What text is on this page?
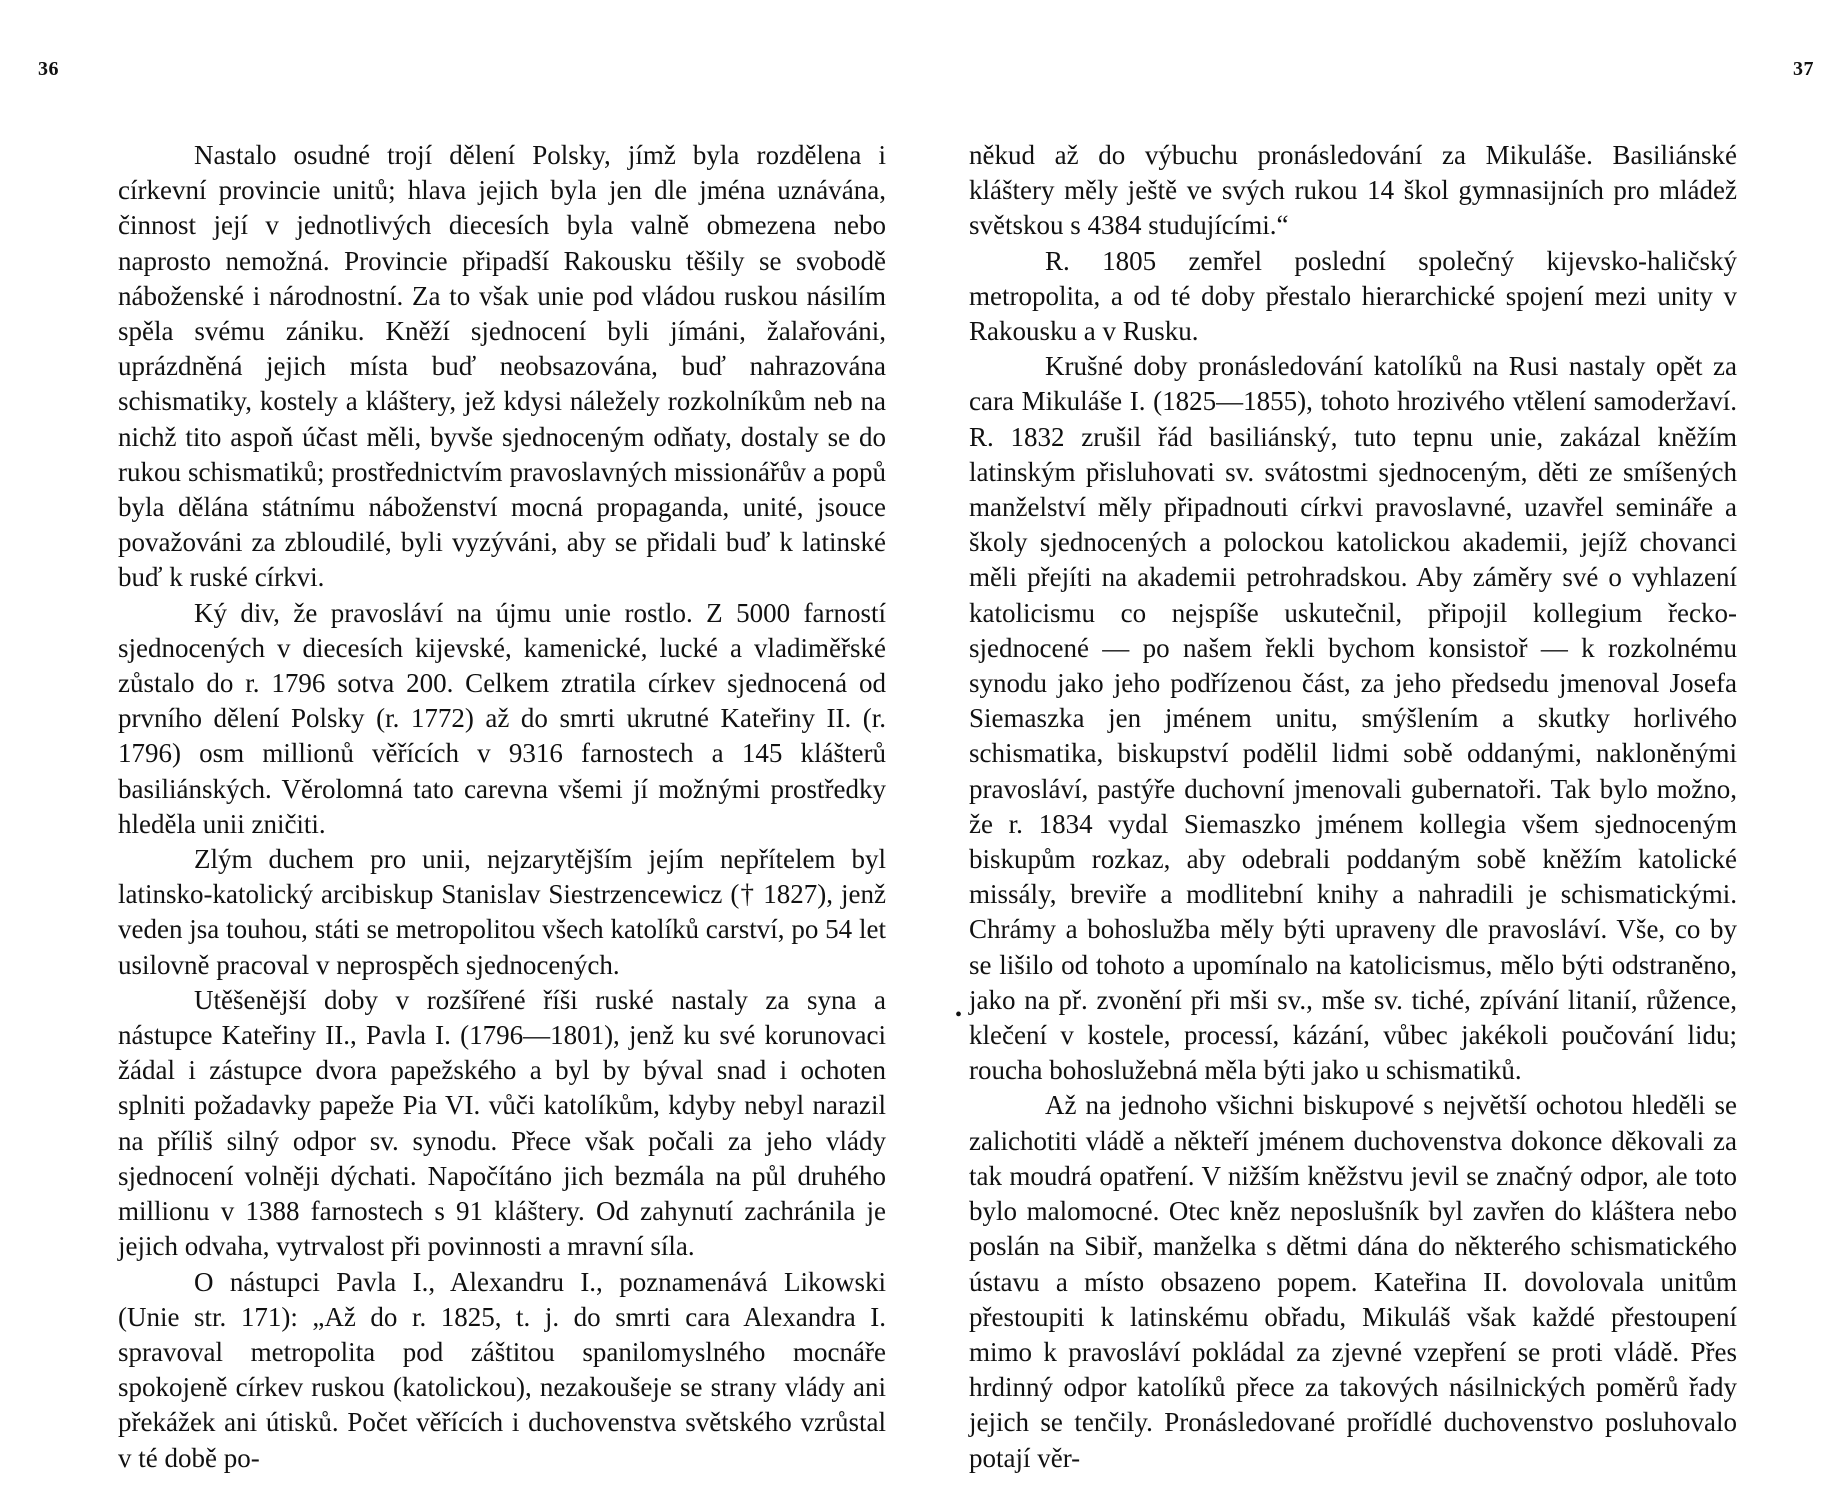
36

Nastalo osudné trojí dělení Polsky, jímž byla rozdělena i církevní provincie unitů; hlava jejich byla jen dle jména uznávána, činnost její v jednotlivých diecesích byla valně obmezena nebo naprosto nemožná. Provincie připadší Rakousku těšily se svobodě náboženské i národnostní. Za to však unie pod vládou ruskou násilím spěla svému zániku. Kněží sjednocení byli jímáni, žalařováni, uprázdněná jejich místa buď neobsazována, buď nahrazována schismatiky, kostely a kláštery, jež kdysi náležely rozkolníkům neb na nichž tito aspoň účast měli, byvše sjednoceným odňaty, dostaly se do rukou schismatiků; prostřednictvím pravoslavných missionářův a popů byla dělána státnímu náboženství mocná propaganda, unité, jsouce považováni za zbloudilé, byli vyzýváni, aby se přidali buď k latinské buď k ruské církvi.

Ký div, že pravosláví na újmu unie rostlo. Z 5000 farností sjednocených v diecesích kijevské, kamenické, lucké a vladiměřské zůstalo do r. 1796 sotva 200. Celkem ztratila církev sjednocená od prvního dělení Polsky (r. 1772) až do smrti ukrutné Kateřiny II. (r. 1796) osm millionů věřících v 9316 farnostech a 145 klášterů basiliánských. Věrolomná tato carevna všemi jí možnými prostředky hleděla unii zničiti.

Zlým duchem pro unii, nejzarytějším jejím nepřítelem byl latinsko-katolický arcibiskup Stanislav Siestrzencewicz († 1827), jenž veden jsa touhou, státi se metropolitou všech katolíků carství, po 54 let usilovně pracoval v neprospěch sjednocených.

Utěšenější doby v rozšířené říši ruské nastaly za syna a nástupce Kateřiny II., Pavla I. (1796—1801), jenž ku své korunovaci žádal i zástupce dvora papežského a byl by býval snad i ochoten splniti požadavky papeže Pia VI. vůči katolíkům, kdyby nebyl narazil na příliš silný odpor sv. synodu. Přece však počali za jeho vlády sjednocení volněji dýchati. Napočítáno jich bezmála na půl druhého millionu v 1388 farnostech s 91 kláštery. Od zahynutí zachránila je jejich odvaha, vytrvalost při povinnosti a mravní síla.

O nástupci Pavla I., Alexandru I., poznamenává Likowski (Unie str. 171): „Až do r. 1825, t. j. do smrti cara Alexandra I. spravoval metropolita pod záštitou spanilomyslného mocnáře spokojeně církev ruskou (katolickou), nezakoušeje se strany vlády ani překážek ani útisků. Počet věřících i duchovenstva světského vzrůstal v té době po-

37
•

někud až do výbuchu pronásledování za Mikuláše. Basiliánské kláštery měly ještě ve svých rukou 14 škol gymnasijních pro mládež světskou s 4384 studujícími.“

R. 1805 zemřel poslední společný kijevsko-haličský metropolita, a od té doby přestalo hierarchické spojení mezi unity v Rakousku a v Rusku.

Krušné doby pronásledování katolíků na Rusi nastaly opět za cara Mikuláše I. (1825—1855), tohoto hrozivého vtělení samoderžaví. R. 1832 zrušil řád basiliánský, tuto tepnu unie, zakázal kněžím latinským přisluhovati sv. svátostmi sjednoceným, děti ze smíšených manželství měly připadnouti církvi pravoslavné, uzavřel semináře a školy sjednocených a polockou katolickou akademii, jejíž chovanci měli přejíti na akademii petrohradskou. Aby záměry své o vyhlazení katolicismu co nejspíše uskutečnil, připojil kollegium řecko-sjednocené — po našem řekli bychom konsistoř — k rozkolnému synodu jako jeho podřízenou část, za jeho předsedu jmenoval Josefa Siemaszka jen jménem unitu, smýšlením a skutky horlivého schismatika, biskupství podělil lidmi sobě oddanými, nakloněnými pravosláví, pastýře duchovní jmenovali gubernatoři. Tak bylo možno, že r. 1834 vydal Siemaszko jménem kollegia všem sjednoceným biskupům rozkaz, aby odebrali poddaným sobě kněžím katolické missály, breviře a modlitební knihy a nahradili je schismatickými. Chrámy a bohoslužba měly býti upraveny dle pravosláví. Vše, co by se lišilo od tohoto a upomínalo na katolicismus, mělo býti odstraněno, jako na př. zvonění při mši sv., mše sv. tiché, zpívání litanií, růžence, klečení v kostele, processí, kázání, vůbec jakékoli poučování lidu; roucha bohoslužebná měla býti jako u schismatiků.

Až na jednoho všichni biskupové s největší ochotou hleděli se zalichotiti vládě a někteří jménem duchovenstva dokonce děkovali za tak moudrá opatření. V nižším kněžstvu jevil se značný odpor, ale toto bylo malomocné. Otec kněz neposlušník byl zavřen do kláštera nebo poslán na Sibiř, manželka s dětmi dána do některého schismatického ústavu a místo obsazeno popem. Kateřina II. dovolovala unitům přestoupiti k latinskému obřadu, Mikuláš však každé přestoupení mimo k pravosláví pokládal za zjevné vzepření se proti vládě. Přes hrdinný odpor katolíků přece za takových násilnických poměrů řady jejich se tenčily. Pronásledované prořídlé duchovenstvo posluhovalo potají věr-
